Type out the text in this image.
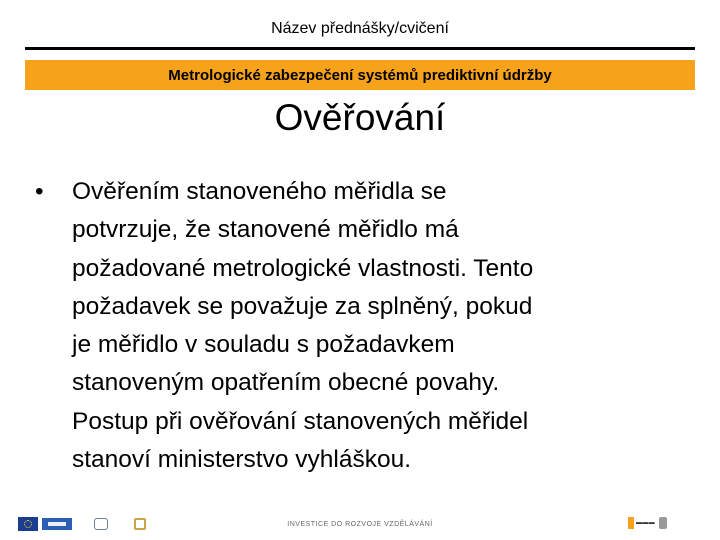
Název přednášky/cvičení
Metrologické zabezpečení systémů prediktivní údržby
Ověřování
• Ověřením stanoveného měřidla se
potvrzuje, že stanovené měřidlo má
požadované metrologické vlastnosti. Tento
požadavek se považuje za splněný, pokud
je měřidlo v souladu s požadavkem
stanoveným opatřením obecné povahy.
Postup při ověřování stanovených měřidel
stanoví ministerstvo vyhláškou.
INVESTICE DO ROZVOJE VZDĚLÁVÁNÍ	▬▬▬
